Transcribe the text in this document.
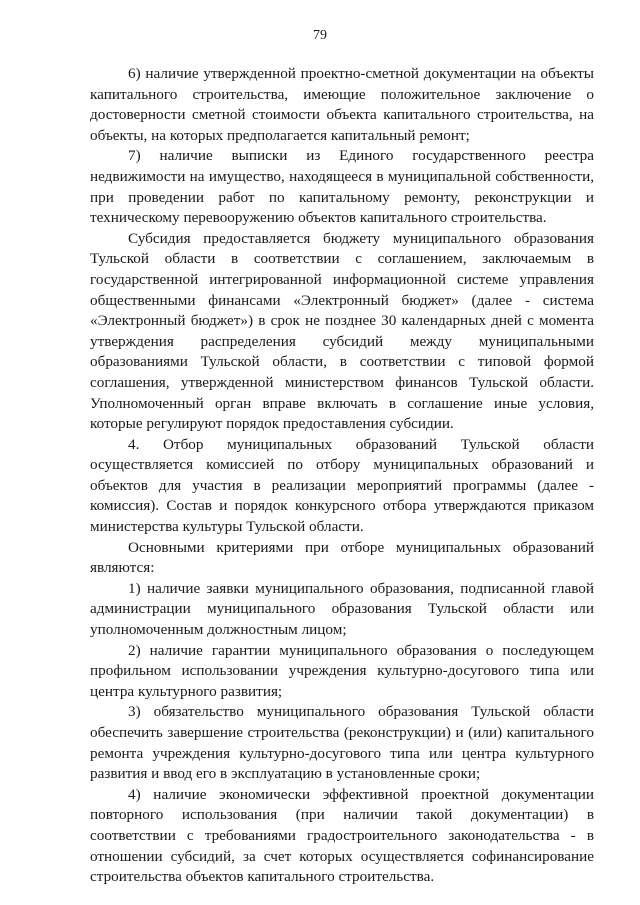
79

6) наличие утвержденной проектно-сметной документации на объекты капитального строительства, имеющие положительное заключение о достоверности сметной стоимости объекта капитального строительства, на объекты, на которых предполагается капитальный ремонт;

7) наличие выписки из Единого государственного реестра недвижимости на имущество, находящееся в муниципальной собственности, при проведении работ по капитальному ремонту, реконструкции и техническому перевооружению объектов капитального строительства.

Субсидия предоставляется бюджету муниципального образования Тульской области в соответствии с соглашением, заключаемым в государственной интегрированной информационной системе управления общественными финансами «Электронный бюджет» (далее - система «Электронный бюджет») в срок не позднее 30 календарных дней с момента утверждения распределения субсидий между муниципальными образованиями Тульской области, в соответствии с типовой формой соглашения, утвержденной министерством финансов Тульской области. Уполномоченный орган вправе включать в соглашение иные условия, которые регулируют порядок предоставления субсидии.

4. Отбор муниципальных образований Тульской области осуществляется комиссией по отбору муниципальных образований и объектов для участия в реализации мероприятий программы (далее - комиссия). Состав и порядок конкурсного отбора утверждаются приказом министерства культуры Тульской области.

Основными критериями при отборе муниципальных образований являются:

1) наличие заявки муниципального образования, подписанной главой администрации муниципального образования Тульской области или уполномоченным должностным лицом;

2) наличие гарантии муниципального образования о последующем профильном использовании учреждения культурно-досугового типа или центра культурного развития;

3) обязательство муниципального образования Тульской области обеспечить завершение строительства (реконструкции) и (или) капитального ремонта учреждения культурно-досугового типа или центра культурного развития и ввод его в эксплуатацию в установленные сроки;

4) наличие экономически эффективной проектной документации повторного использования (при наличии такой документации) в соответствии с требованиями градостроительного законодательства - в отношении субсидий, за счет которых осуществляется софинансирование строительства объектов капитального строительства.
